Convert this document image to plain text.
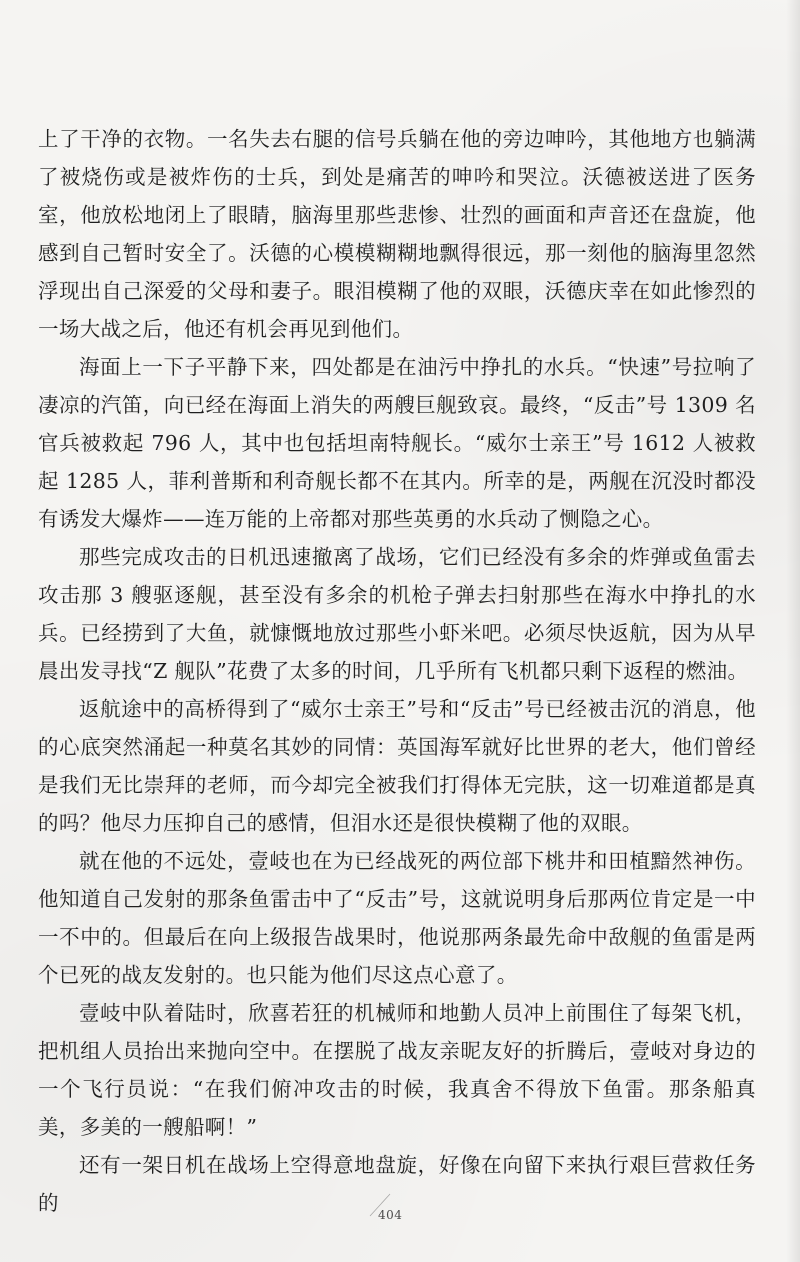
上了干净的衣物。一名失去右腿的信号兵躺在他的旁边呻吟，其他地方也躺满了被烧伤或是被炸伤的士兵，到处是痛苦的呻吟和哭泣。沃德被送进了医务室，他放松地闭上了眼睛，脑海里那些悲惨、壮烈的画面和声音还在盘旋，他感到自己暂时安全了。沃德的心模模糊糊地飘得很远，那一刻他的脑海里忽然浮现出自己深爱的父母和妻子。眼泪模糊了他的双眼，沃德庆幸在如此惨烈的一场大战之后，他还有机会再见到他们。

海面上一下子平静下来，四处都是在油污中挣扎的水兵。“快速”号拉响了凄凉的汽笛，向已经在海面上消失的两艘巨舰致哀。最终，“反击”号 1309 名官兵被救起 796 人，其中也包括坦南特舰长。“威尔士亲王”号 1612 人被救起 1285 人，菲利普斯和利奇舰长都不在其内。所幸的是，两舰在沉没时都没有诱发大爆炸——连万能的上帝都对那些英勇的水兵动了恻隐之心。

那些完成攻击的日机迅速撤离了战场，它们已经没有多余的炸弹或鱼雷去攻击那 3 艘驱逐舰，甚至没有多余的机枪子弹去扫射那些在海水中挣扎的水兵。已经捞到了大鱼，就慷慨地放过那些小虾米吧。必须尽快返航，因为从早晨出发寻找“Z 舰队”花费了太多的时间，几乎所有飞机都只剩下返程的燃油。

返航途中的高桥得到了“威尔士亲王”号和“反击”号已经被击沉的消息，他的心底突然涌起一种莫名其妙的同情：英国海军就好比世界的老大，他们曾经是我们无比崇拜的老师，而今却完全被我们打得体无完肤，这一切难道都是真的吗？他尽力压抑自己的感情，但泪水还是很快模糊了他的双眼。

就在他的不远处，壹岐也在为已经战死的两位部下桃井和田植黯然神伤。他知道自己发射的那条鱼雷击中了“反击”号，这就说明身后那两位肯定是一中一不中的。但最后在向上级报告战果时，他说那两条最先命中敌舰的鱼雷是两个已死的战友发射的。也只能为他们尽这点心意了。

壹岐中队着陆时，欣喜若狂的机械师和地勤人员冲上前围住了每架飞机，把机组人员抬出来抛向空中。在摆脱了战友亲昵友好的折腾后，壹岐对身边的一个飞行员说：“在我们俯冲攻击的时候，我真舍不得放下鱼雷。那条船真美，多美的一艘船啊！”

还有一架日机在战场上空得意地盘旋，好像在向留下来执行艰巨营救任务的	404
